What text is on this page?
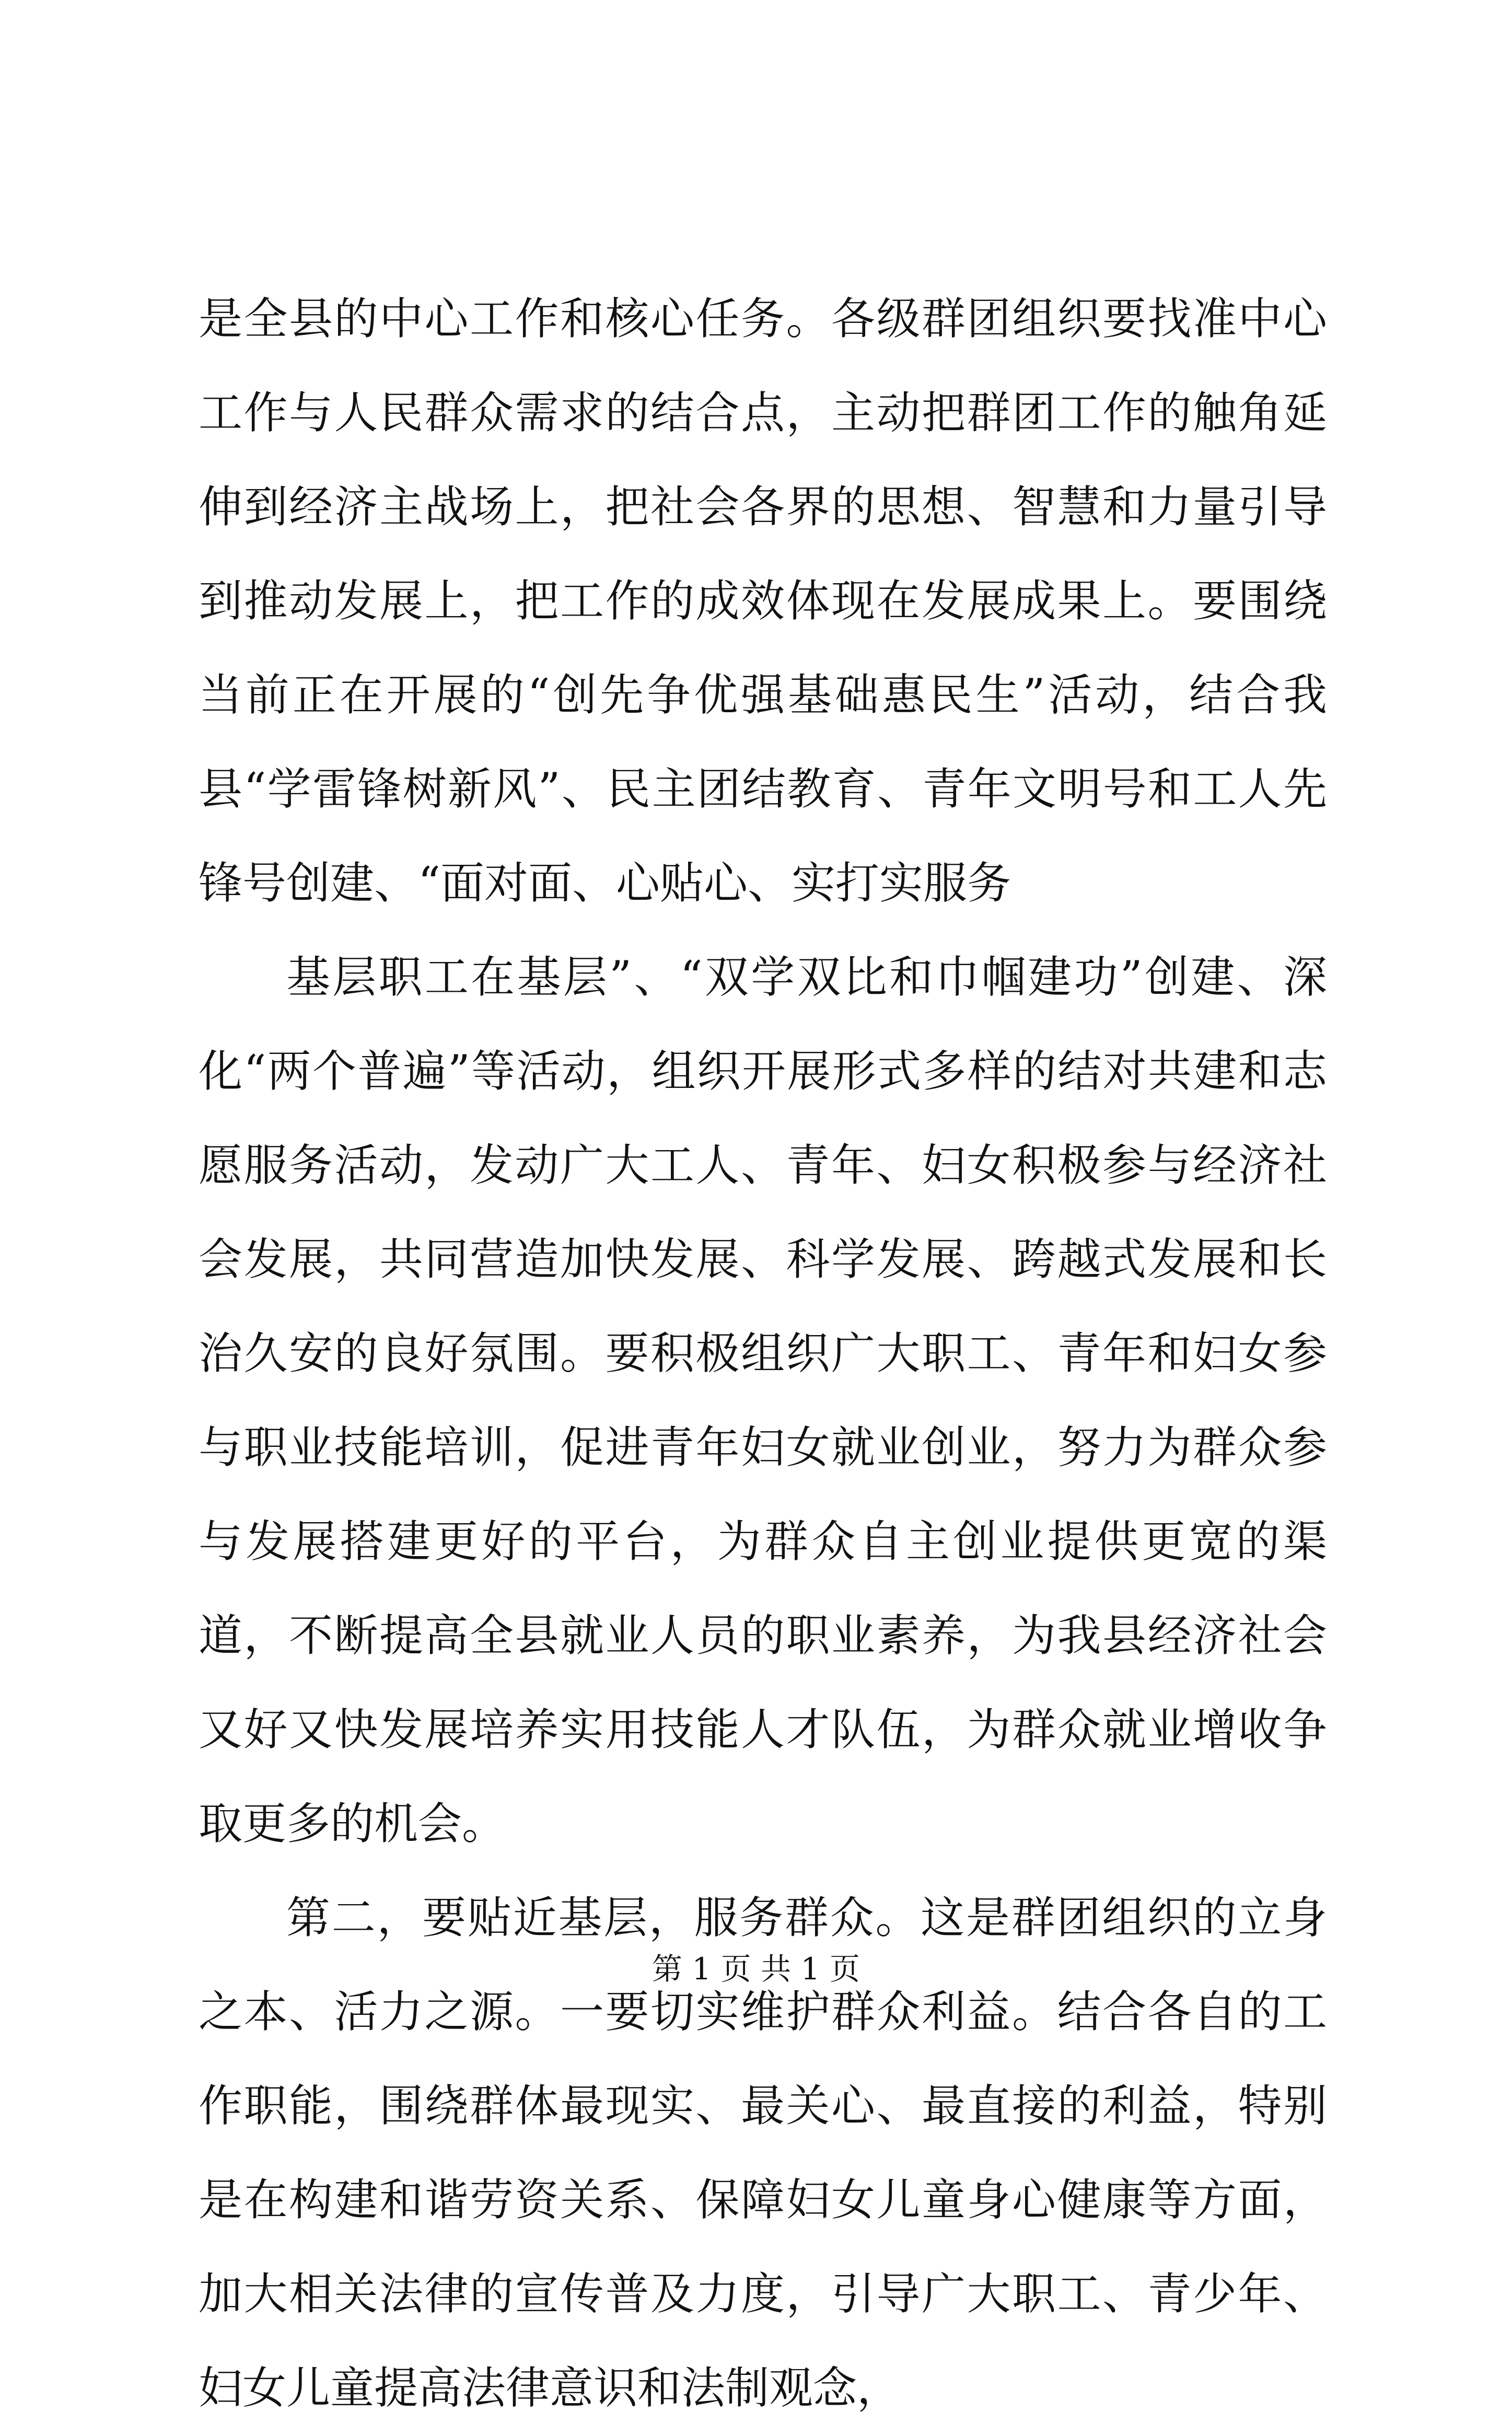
是全县的中心工作和核心任务。各级群团组织要找准中心工作与人民群众需求的结合点，主动把群团工作的触角延伸到经济主战场上，把社会各界的思想、智慧和力量引导到推动发展上，把工作的成效体现在发展成果上。要围绕当前正在开展的“创先争优强基础惠民生”活动，结合我县“学雷锋树新风”、民主团结教育、青年文明号和工人先锋号创建、“面对面、心贴心、实打实服务

基层职工在基层”、“双学双比和巾帼建功”创建、深化“两个普遍”等活动，组织开展形式多样的结对共建和志愿服务活动，发动广大工人、青年、妇女积极参与经济社会发展，共同营造加快发展、科学发展、跨越式发展和长治久安的良好氛围。要积极组织广大职工、青年和妇女参与职业技能培训，促进青年妇女就业创业，努力为群众参与发展搭建更好的平台，为群众自主创业提供更宽的渠道，不断提高全县就业人员的职业素养，为我县经济社会又好又快发展培养实用技能人才队伍，为群众就业增收争取更多的机会。

第二，要贴近基层，服务群众。这是群团组织的立身之本、活力之源。一要切实维护群众利益。结合各自的工作职能，围绕群体最现实、最关心、最直接的利益，特别是在构建和谐劳资关系、保障妇女儿童身心健康等方面，加大相关法律的宣传普及力度，引导广大职工、青少年、妇女儿童提高法律意识和法制观念，

第 1 页 共 1 页
